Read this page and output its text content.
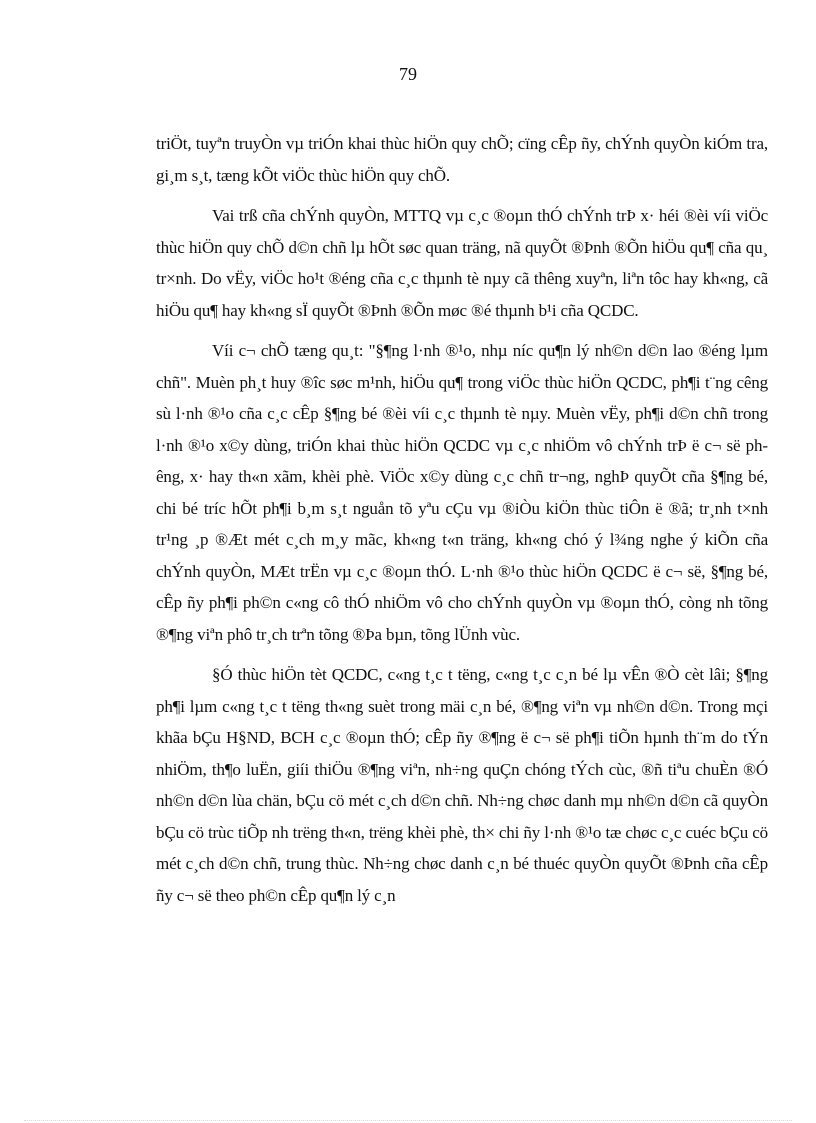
79

triÖt, tuyªn truyÒn vµ triÓn khai thùc hiÖn quy chÕ; cïng cÊp ñy, chÝnh quyÒn kiÓm tra, gi¸m s¸t, tæng kÕt viÖc thùc hiÖn quy chÕ.

Vai trß cña chÝnh quyÒn, MTTQ vµ c¸c ®oµn thÓ chÝnh trÞ x· héi ®èi víi viÖc thùc hiÖn quy chÕ d©n chñ lµ hÕt søc quan träng, nã quyÕt ®Þnh ®Õn hiÖu qu¶ cña qu¸ tr×nh. Do vËy, viÖc ho¹t ®éng cña c¸c thµnh tè nµy cã thêng xuyªn, liªn tôc hay kh«ng, cã hiÖu qu¶ hay kh«ng sÏ quyÕt ®Þnh ®Õn møc ®é thµnh b¹i cña QCDC.

Víi c¬ chÕ tæng qu¸t: "§¶ng l·nh ®¹o, nhµ níc qu¶n lý nh©n d©n lao ®éng lµm chñ". Muèn ph¸t huy ®îc søc m¹nh, hiÖu qu¶ trong viÖc thùc hiÖn QCDC, ph¶i t¨ng cêng sù l·nh ®¹o cña c¸c cÊp §¶ng bé ®èi víi c¸c thµnh tè nµy. Muèn vËy, ph¶i d©n chñ trong l·nh ®¹o x©y dùng, triÓn khai thùc hiÖn QCDC vµ c¸c nhiÖm vô chÝnh trÞ ë c¬ së phêng, x· hay th«n xãm, khèi phè. ViÖc x©y dùng c¸c chñ tr¬ng, nghÞ quyÕt cña §¶ng bé, chi bé tríc hÕt ph¶i b¸m s¸t nguån tõ yªu cÇu vµ ®iÒu kiÖn thùc tiÔn ë ®ã; tr¸nh t×nh tr¹ng ¸p ®Æt mét c¸ch m¸y mãc, kh«ng t«n träng, kh«ng chó ý l¾ng nghe ý kiÕn cña chÝnh quyÒn, MÆt trËn vµ c¸c ®oµn thÓ. L·nh ®¹o thùc hiÖn QCDC ë c¬ së, §¶ng bé, cÊp ñy ph¶i ph©n c«ng cô thÓ nhiÖm vô cho chÝnh quyÒn vµ ®oµn thÓ, còng nh tõng ®¶ng viªn phô tr¸ch trªn tõng ®Þa bµn, tõng lÜnh vùc.

§Ó thùc hiÖn tèt QCDC, c«ng t¸c t tëng, c«ng t¸c c¸n bé lµ vÊn ®Ò cèt lâi; §¶ng ph¶i lµm c«ng t¸c t tëng th«ng suèt trong mäi c¸n bé, ®¶ng viªn vµ nh©n d©n. Trong mçi khãa bÇu H§ND, BCH c¸c ®oµn thÓ; cÊp ñy ®¶ng ë c¬ së ph¶i tiÕn hµnh th¨m do tÝn nhiÖm, th¶o luËn, giíi thiÖu ®¶ng viªn, nh÷ng quÇn chóng tÝch cùc, ®ñ tiªu chuÈn ®Ó nh©n d©n lùa chän, bÇu cö mét c¸ch d©n chñ. Nh÷ng chøc danh mµ nh©n d©n cã quyÒn bÇu cö trùc tiÕp nh trëng th«n, trëng khèi phè, th× chi ñy l·nh ®¹o tæ chøc c¸c cuéc bÇu cö mét c¸ch d©n chñ, trung thùc. Nh÷ng chøc danh c¸n bé thuéc quyÒn quyÕt ®Þnh cña cÊp ñy c¬ së theo ph©n cÊp qu¶n lý c¸n
